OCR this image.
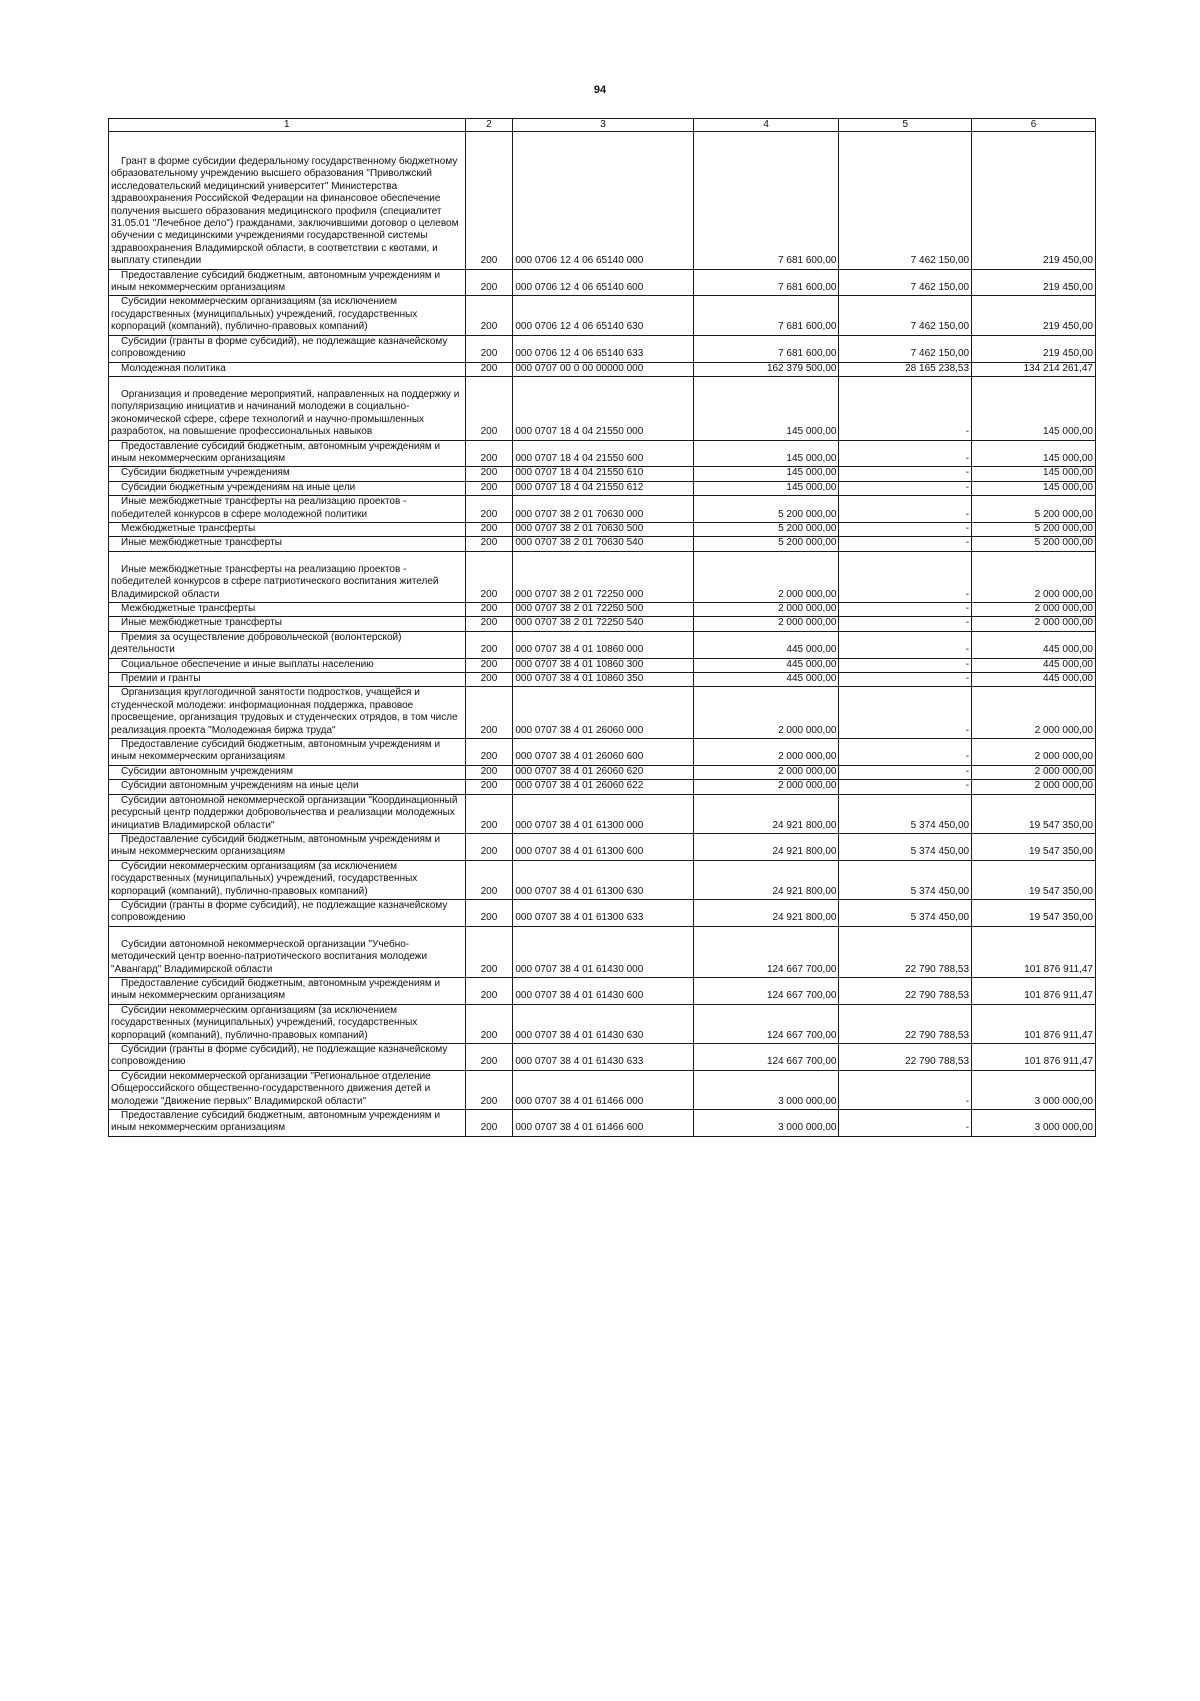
94
1	2	3	4	5	6
Грант в форме субсидии федеральному государственному бюджетному образовательному учреждению высшего образования "Приволжский исследовательский медицинский университет" Министерства здравоохранения Российской Федерации на финансовое обеспечение получения высшего образования медицинского профиля (специалитет 31.05.01 "Лечебное дело") гражданами, заключившими договор о целевом обучении с медицинскими учреждениями государственной системы здравоохранения Владимирской области, в соответствии с квотами, и выплату стипендии	200	000 0706 12 4 06 65140 000	7 681 600,00	7 462 150,00	219 450,00
Предоставление субсидий бюджетным, автономным учреждениям и иным некоммерческим организациям	200	000 0706 12 4 06 65140 600	7 681 600,00	7 462 150,00	219 450,00
Субсидии некоммерческим организациям (за исключением государственных (муниципальных) учреждений, государственных корпораций (компаний), публично-правовых компаний)	200	000 0706 12 4 06 65140 630	7 681 600,00	7 462 150,00	219 450,00
Субсидии (гранты в форме субсидий), не подлежащие казначейскому сопровождению	200	000 0706 12 4 06 65140 633	7 681 600,00	7 462 150,00	219 450,00
Молодежная политика	200	000 0707 00 0 00 00000 000	162 379 500,00	28 165 238,53	134 214 261,47
Организация и проведение мероприятий, направленных на поддержку и популяризацию инициатив и начинаний молодежи в социально-экономической сфере, сфере технологий и научно-промышленных разработок, на повышение профессиональных навыков	200	000 0707 18 4 04 21550 000	145 000,00	-	145 000,00
Предоставление субсидий бюджетным, автономным учреждениям и иным некоммерческим организациям	200	000 0707 18 4 04 21550 600	145 000,00	-	145 000,00
Субсидии бюджетным учреждениям	200	000 0707 18 4 04 21550 610	145 000,00	-	145 000,00
Субсидии бюджетным учреждениям на иные цели	200	000 0707 18 4 04 21550 612	145 000,00	-	145 000,00
Иные межбюджетные трансферты на реализацию проектов - победителей конкурсов в сфере молодежной политики	200	000 0707 38 2 01 70630 000	5 200 000,00	-	5 200 000,00
Межбюджетные трансферты	200	000 0707 38 2 01 70630 500	5 200 000,00	-	5 200 000,00
Иные межбюджетные трансферты	200	000 0707 38 2 01 70630 540	5 200 000,00	-	5 200 000,00
Иные межбюджетные трансферты на реализацию проектов - победителей конкурсов в сфере патриотического воспитания жителей Владимирской области	200	000 0707 38 2 01 72250 000	2 000 000,00	-	2 000 000,00
Межбюджетные трансферты	200	000 0707 38 2 01 72250 500	2 000 000,00	-	2 000 000,00
Иные межбюджетные трансферты	200	000 0707 38 2 01 72250 540	2 000 000,00	-	2 000 000,00
Премия за осуществление добровольческой (волонтерской) деятельности	200	000 0707 38 4 01 10860 000	445 000,00	-	445 000,00
Социальное обеспечение и иные выплаты населению	200	000 0707 38 4 01 10860 300	445 000,00	-	445 000,00
Премии и гранты	200	000 0707 38 4 01 10860 350	445 000,00	-	445 000,00
Организация круглогодичной занятости подростков, учащейся и студенческой молодежи: информационная поддержка, правовое просвещение, организация трудовых и студенческих отрядов, в том числе реализация проекта "Молодежная биржа труда"	200	000 0707 38 4 01 26060 000	2 000 000,00	-	2 000 000,00
Предоставление субсидий бюджетным, автономным учреждениям и иным некоммерческим организациям	200	000 0707 38 4 01 26060 600	2 000 000,00	-	2 000 000,00
Субсидии автономным учреждениям	200	000 0707 38 4 01 26060 620	2 000 000,00	-	2 000 000,00
Субсидии автономным учреждениям на иные цели	200	000 0707 38 4 01 26060 622	2 000 000,00	-	2 000 000,00
Субсидии автономной некоммерческой организации "Координационный ресурсный центр поддержки добровольчества и реализации молодежных инициатив Владимирской области"	200	000 0707 38 4 01 61300 000	24 921 800,00	5 374 450,00	19 547 350,00
Предоставление субсидий бюджетным, автономным учреждениям и иным некоммерческим организациям	200	000 0707 38 4 01 61300 600	24 921 800,00	5 374 450,00	19 547 350,00
Субсидии некоммерческим организациям (за исключением государственных (муниципальных) учреждений, государственных корпораций (компаний), публично-правовых компаний)	200	000 0707 38 4 01 61300 630	24 921 800,00	5 374 450,00	19 547 350,00
Субсидии (гранты в форме субсидий), не подлежащие казначейскому сопровождению	200	000 0707 38 4 01 61300 633	24 921 800,00	5 374 450,00	19 547 350,00
Субсидии автономной некоммерческой организации "Учебно-методический центр военно-патриотического воспитания молодежи "Авангард" Владимирской области	200	000 0707 38 4 01 61430 000	124 667 700,00	22 790 788,53	101 876 911,47
Предоставление субсидий бюджетным, автономным учреждениям и иным некоммерческим организациям	200	000 0707 38 4 01 61430 600	124 667 700,00	22 790 788,53	101 876 911,47
Субсидии некоммерческим организациям (за исключением государственных (муниципальных) учреждений, государственных корпораций (компаний), публично-правовых компаний)	200	000 0707 38 4 01 61430 630	124 667 700,00	22 790 788,53	101 876 911,47
Субсидии (гранты в форме субсидий), не подлежащие казначейскому сопровождению	200	000 0707 38 4 01 61430 633	124 667 700,00	22 790 788,53	101 876 911,47
Субсидии некоммерческой организации "Региональное отделение Общероссийского общественно-государственного движения детей и молодежи "Движение первых" Владимирской области"	200	000 0707 38 4 01 61466 000	3 000 000,00	-	3 000 000,00
Предоставление субсидий бюджетным, автономным учреждениям и иным некоммерческим организациям	200	000 0707 38 4 01 61466 600	3 000 000,00	-	3 000 000,00
